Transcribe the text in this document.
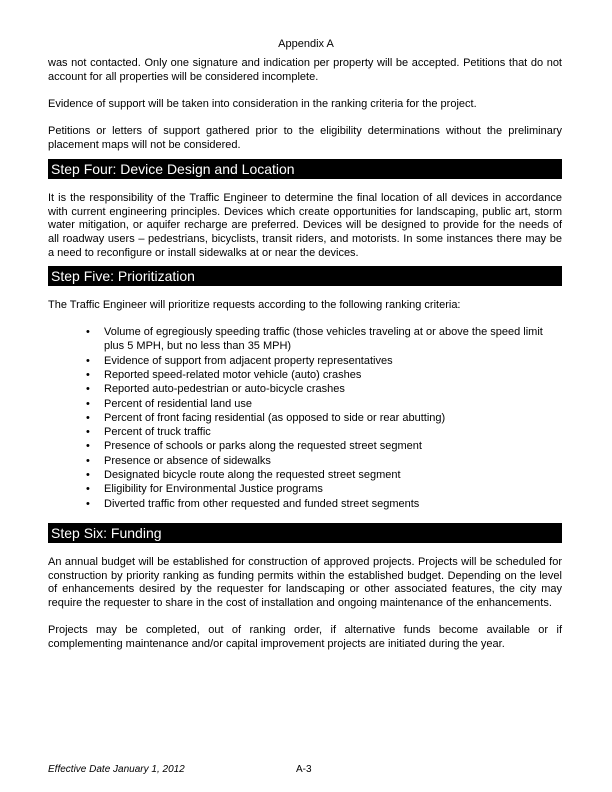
Appendix A

was not contacted. Only one signature and indication per property will be accepted. Petitions that do not account for all properties will be considered incomplete.

Evidence of support will be taken into consideration in the ranking criteria for the project.

Petitions or letters of support gathered prior to the eligibility determinations without the preliminary placement maps will not be considered.

Step Four: Device Design and Location

It is the responsibility of the Traffic Engineer to determine the final location of all devices in accordance with current engineering principles. Devices which create opportunities for landscaping, public art, storm water mitigation, or aquifer recharge are preferred. Devices will be designed to provide for the needs of all roadway users – pedestrians, bicyclists, transit riders, and motorists. In some instances there may be a need to reconfigure or install sidewalks at or near the devices.

Step Five: Prioritization

The Traffic Engineer will prioritize requests according to the following ranking criteria:

• Volume of egregiously speeding traffic (those vehicles traveling at or above the speed limit plus 5 MPH, but no less than 35 MPH)
• Evidence of support from adjacent property representatives
• Reported speed-related motor vehicle (auto) crashes
• Reported auto-pedestrian or auto-bicycle crashes
• Percent of residential land use
• Percent of front facing residential (as opposed to side or rear abutting)
• Percent of truck traffic
• Presence of schools or parks along the requested street segment
• Presence or absence of sidewalks
• Designated bicycle route along the requested street segment
• Eligibility for Environmental Justice programs
• Diverted traffic from other requested and funded street segments
Step Six: Funding

An annual budget will be established for construction of approved projects. Projects will be scheduled for construction by priority ranking as funding permits within the established budget. Depending on the level of enhancements desired by the requester for landscaping or other associated features, the city may require the requester to share in the cost of installation and ongoing maintenance of the enhancements.

Projects may be completed, out of ranking order, if alternative funds become available or if complementing maintenance and/or capital improvement projects are initiated during the year.

Effective Date January 1, 2012	A-3
